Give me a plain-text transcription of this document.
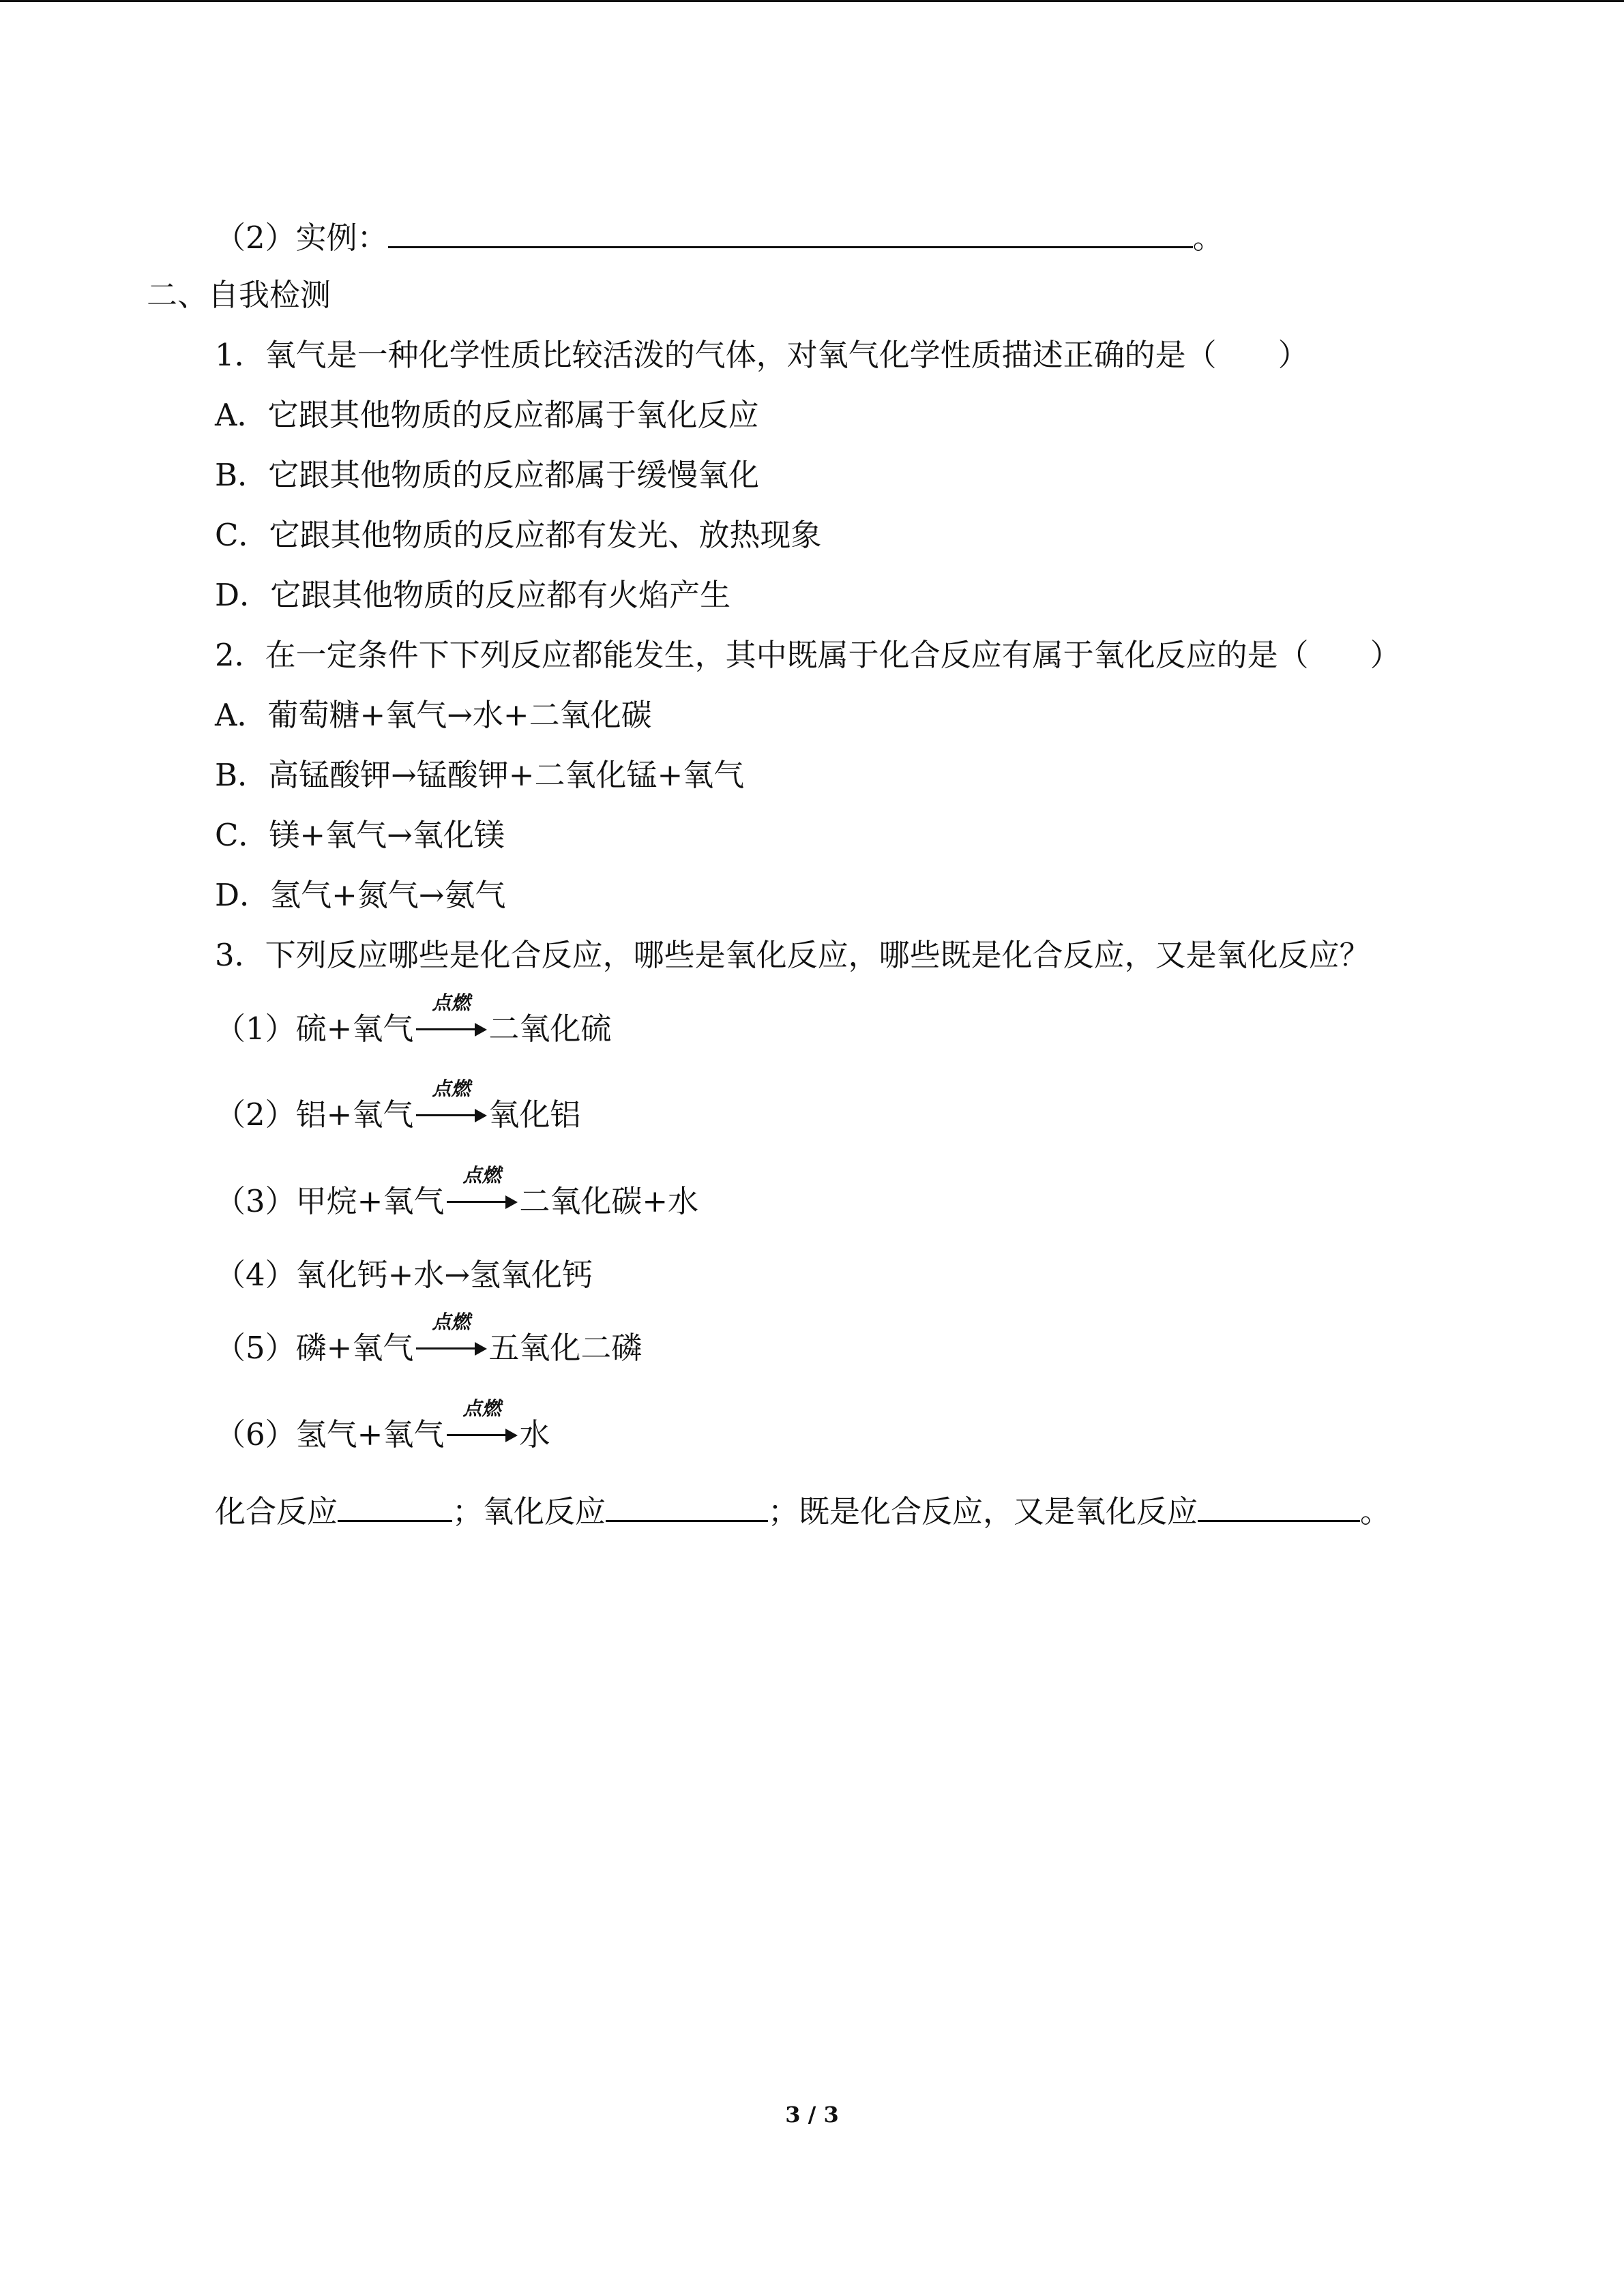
（2）实例：	。
二、自我检测
1．氧气是一种化学性质比较活泼的气体，对氧气化学性质描述正确的是（　　）
A．它跟其他物质的反应都属于氧化反应
B．它跟其他物质的反应都属于缓慢氧化
C．它跟其他物质的反应都有发光、放热现象
D．它跟其他物质的反应都有火焰产生
2．在一定条件下下列反应都能发生，其中既属于化合反应有属于氧化反应的是（　　）
A．葡萄糖+氧气→水+二氧化碳
B．高锰酸钾→锰酸钾+二氧化锰+氧气
C．镁+氧气→氧化镁
D．氢气+氮气→氨气
3．下列反应哪些是化合反应，哪些是氧化反应，哪些既是化合反应，又是氧化反应？
（1）硫+氧气
点燃
二氧化硫
（2）铝+氧气
点燃
氧化铝
（3）甲烷+氧气
点燃
二氧化碳+水
（4）氧化钙+水→氢氧化钙
（5）磷+氧气
点燃
五氧化二磷
（6）氢气+氧气
点燃
水
化合反应	；氧化反应	；既是化合反应，又是氧化反应	。
3 / 3
